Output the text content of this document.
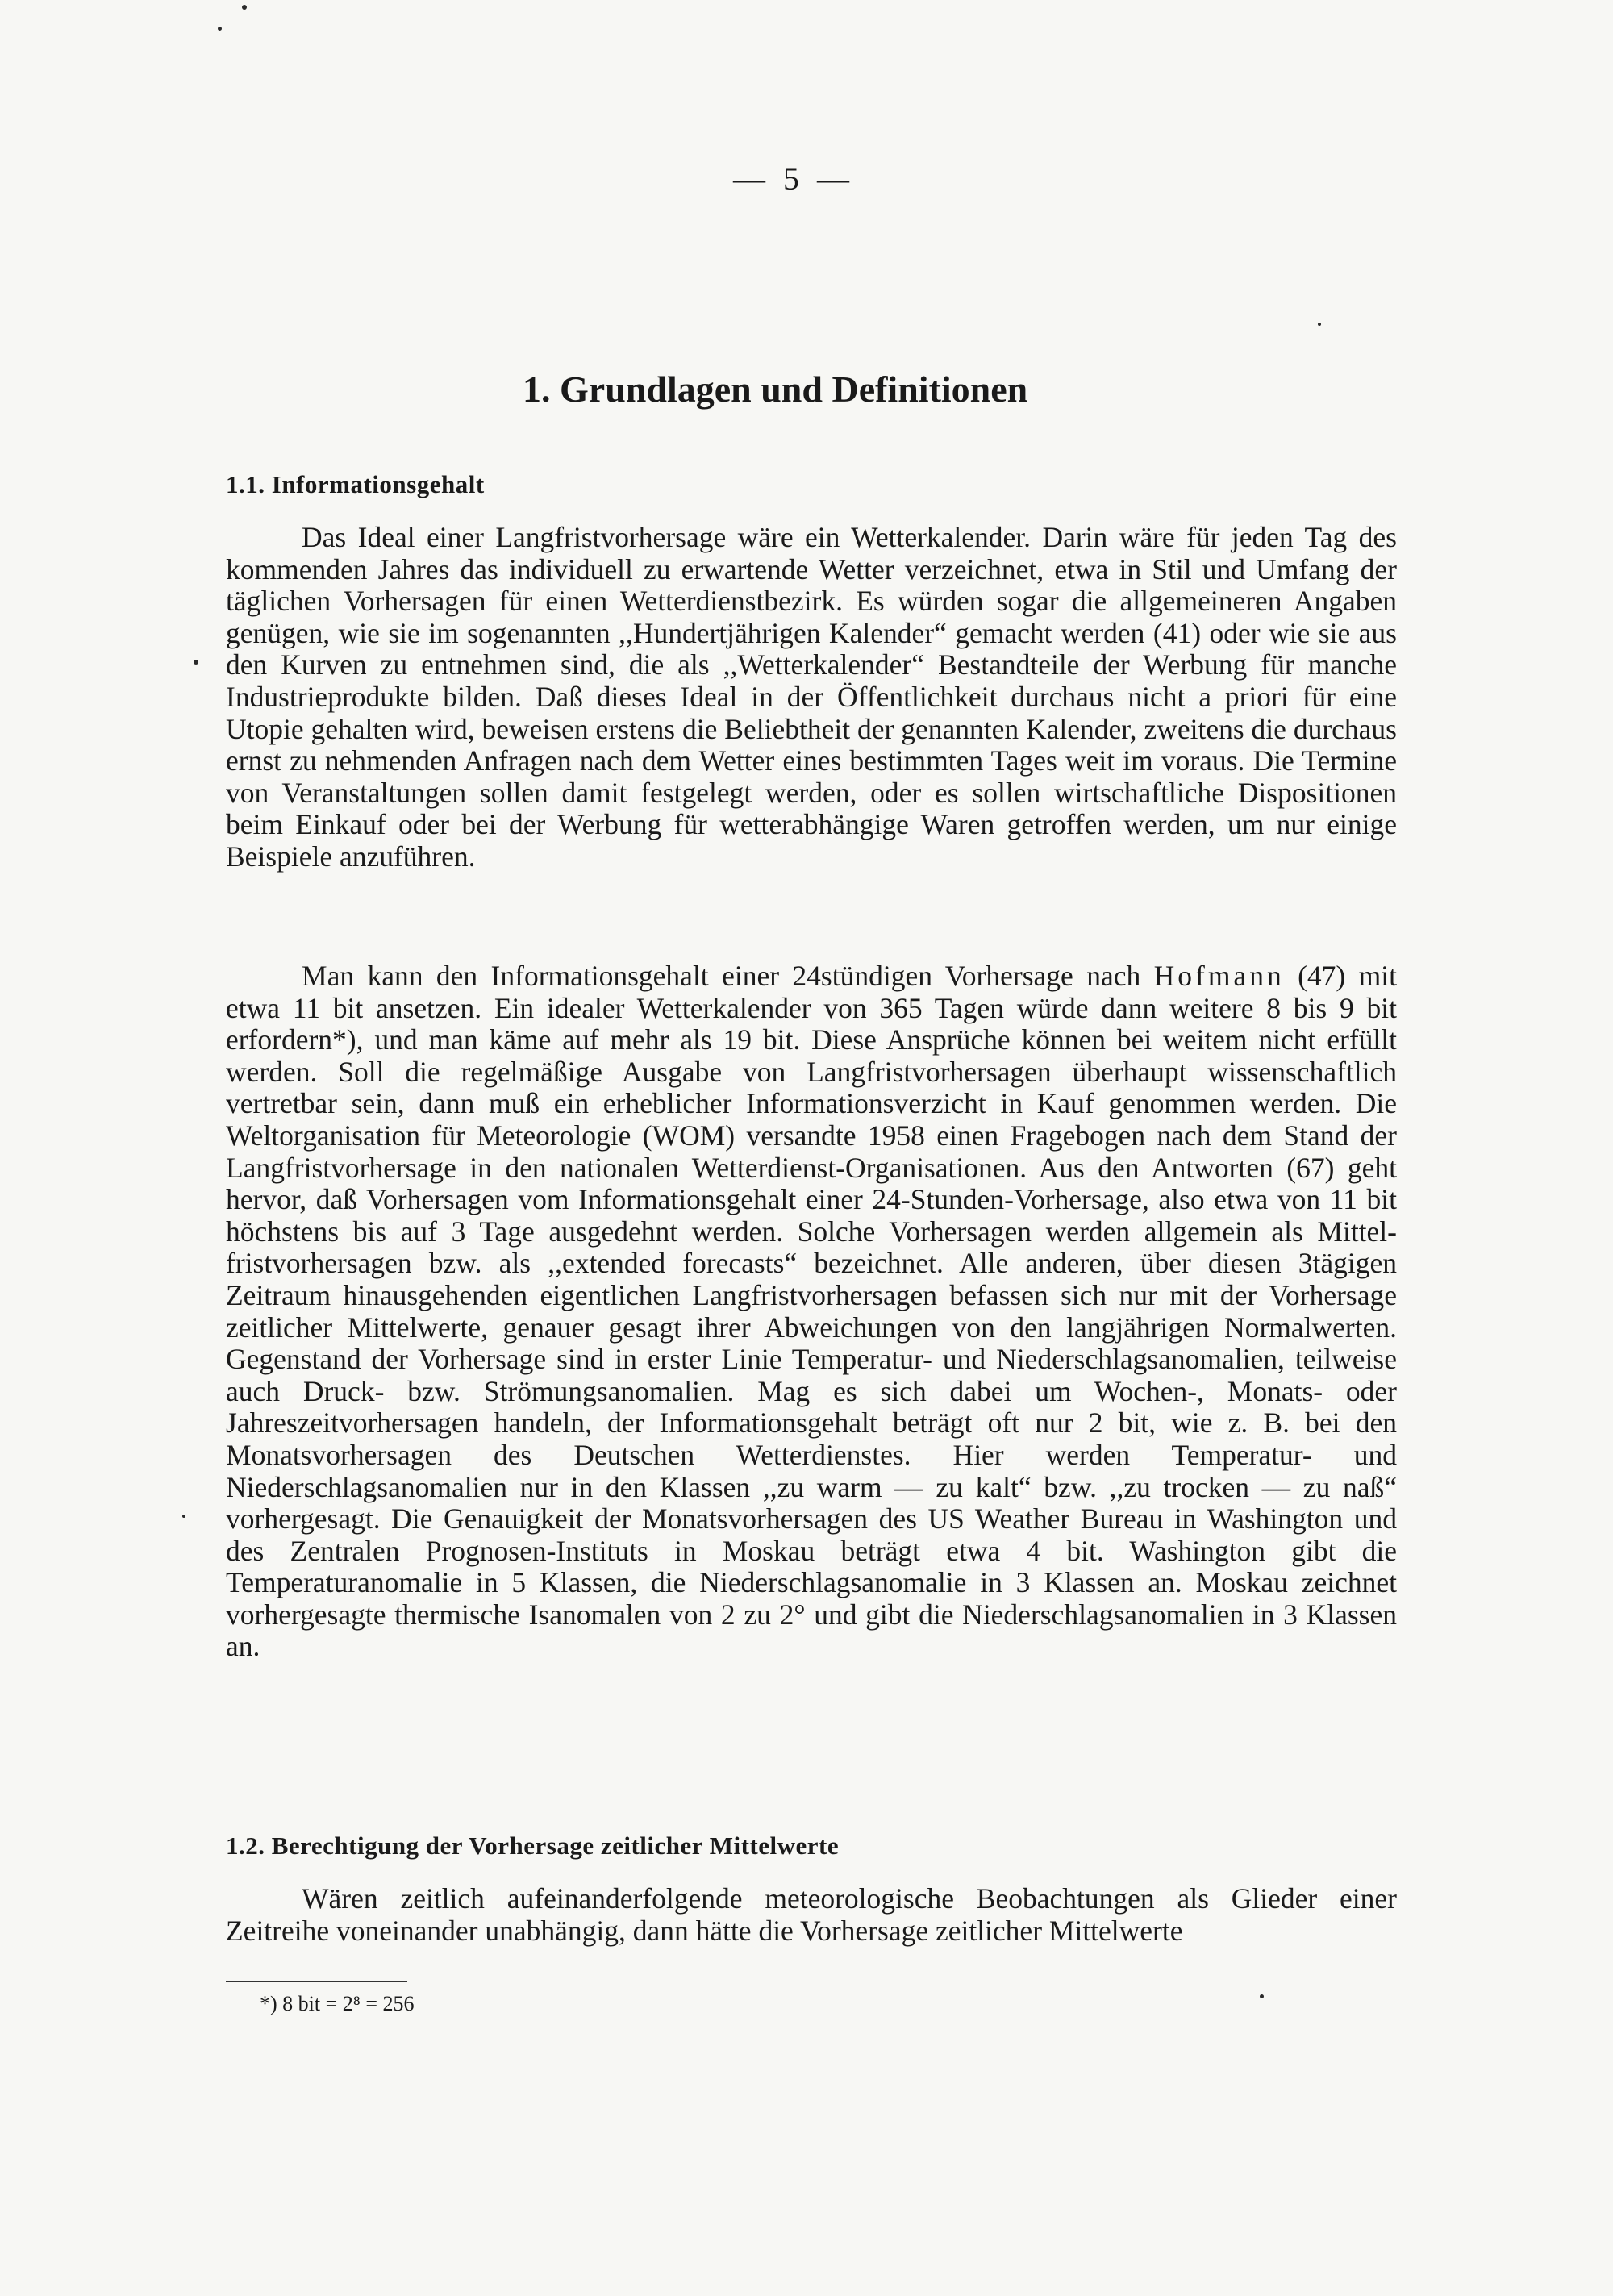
— 5 —
1. Grundlagen und Definitionen
1.1. Informationsgehalt

Das Ideal einer Langfristvorhersage wäre ein Wetterkalender. Darin wäre für jeden Tag des kommenden Jahres das individuell zu erwartende Wetter verzeichnet, etwa in Stil und Umfang der täglichen Vorhersagen für einen Wetterdienstbezirk. Es würden sogar die allgemeineren Angaben genügen, wie sie im sogenannten ,,Hundertjährigen Kalender“ gemacht werden (41) oder wie sie aus den Kurven zu entnehmen sind, die als ,,Wetterkalender“ Bestandteile der Werbung für manche Industrieprodukte bilden. Daß dieses Ideal in der Öffentlichkeit durchaus nicht a priori für eine Utopie gehalten wird, beweisen erstens die Beliebtheit der genannten Kalender, zweitens die durchaus ernst zu nehmenden Anfragen nach dem Wetter eines bestimmten Tages weit im voraus. Die Termine von Veranstaltungen sollen damit festgelegt werden, oder es sollen wirtschaftliche Dispositionen beim Einkauf oder bei der Werbung für wetterabhängige Waren getroffen werden, um nur einige Beispiele anzuführen.

Man kann den Informationsgehalt einer 24stündigen Vorhersage nach Hofmann (47) mit etwa 11 bit ansetzen. Ein idealer Wetterkalender von 365 Tagen würde dann weitere 8 bis 9 bit erfordern*), und man käme auf mehr als 19 bit. Diese Ansprüche können bei weitem nicht erfüllt werden. Soll die regelmäßige Ausgabe von Langfristvorhersagen überhaupt wissenschaftlich vertretbar sein, dann muß ein erheblicher Informationsverzicht in Kauf genommen werden. Die Weltorganisation für Meteorologie (WOM) versandte 1958 einen Fragebogen nach dem Stand der Langfristvorhersage in den nationalen Wetterdienst-Organisationen. Aus den Antworten (67) geht hervor, daß Vorhersagen vom Informationsgehalt einer 24-Stunden-Vorhersage, also etwa von 11 bit höchstens bis auf 3 Tage ausgedehnt werden. Solche Vorhersagen werden allgemein als Mittelfristvorhersagen bzw. als ,,extended forecasts“ bezeichnet. Alle anderen, über diesen 3tägigen Zeitraum hinausgehenden eigentlichen Langfristvorhersagen befassen sich nur mit der Vorhersage zeitlicher Mittelwerte, genauer gesagt ihrer Abweichungen von den langjährigen Normalwerten. Gegenstand der Vorhersage sind in erster Linie Temperatur- und Niederschlagsanomalien, teilweise auch Druck- bzw. Strömungsanomalien. Mag es sich dabei um Wochen-, Monats- oder Jahreszeitvorhersagen handeln, der Informationsgehalt beträgt oft nur 2 bit, wie z. B. bei den Monatsvorhersagen des Deutschen Wetterdienstes. Hier werden Temperatur- und Niederschlagsanomalien nur in den Klassen ,,zu warm — zu kalt“ bzw. ,,zu trocken — zu naß“ vorhergesagt. Die Genauigkeit der Monatsvorhersagen des US Weather Bureau in Washington und des Zentralen Prognosen-Instituts in Moskau beträgt etwa 4 bit. Washington gibt die Temperaturanomalie in 5 Klassen, die Niederschlagsanomalie in 3 Klassen an. Moskau zeichnet vorhergesagte thermische Isanomalen von 2 zu 2° und gibt die Niederschlagsanomalien in 3 Klassen an.

1.2. Berechtigung der Vorhersage zeitlicher Mittelwerte

Wären zeitlich aufeinanderfolgende meteorologische Beobachtungen als Glieder einer Zeitreihe voneinander unabhängig, dann hätte die Vorhersage zeitlicher Mittelwerte

*) 8 bit = 2⁸ = 256
